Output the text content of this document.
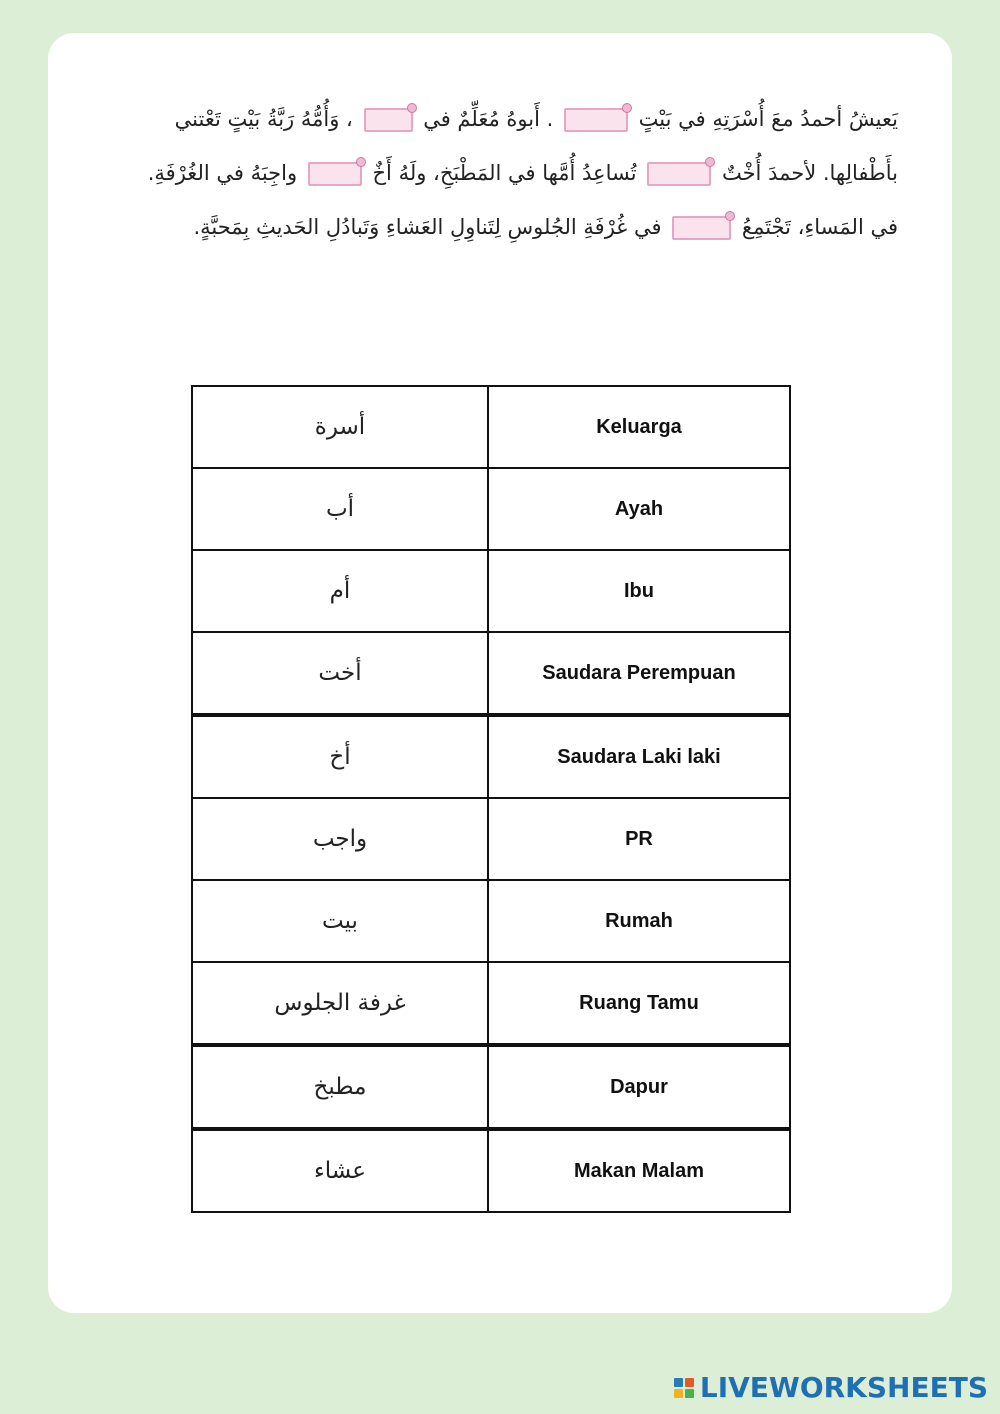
يَعيشُ أحمدُ معَ أُسْرَتِهِ في بَيْتٍ  . أَبوهُ مُعَلِّمٌ في  ، وَأُمُّهُ رَبَّةُ بَيْتٍ تَعْتني
بأَطْفالِها. لأحمدَ أُخْتٌ  تُساعِدُ أُمَّها في المَطْبَخِ، ولَهُ أَخٌ  واجِبَهُ في الغُرْفَةِ.
في المَساءِ، تَجْتَمِعُ  في غُرْفَةِ الجُلوسِ لِتَناوِلِ العَشاءِ وَتَبادُلِ الحَديثِ بِمَحبَّةٍ.
أسرة	Keluarga
أب	Ayah
أم	Ibu
أخت	Saudara Perempuan
أخ	Saudara Laki laki
واجب	PR
بيت	Rumah
غرفة الجلوس	Ruang Tamu
مطبخ	Dapur
عشاء	Makan Malam
LIVEWORKSHEETS
